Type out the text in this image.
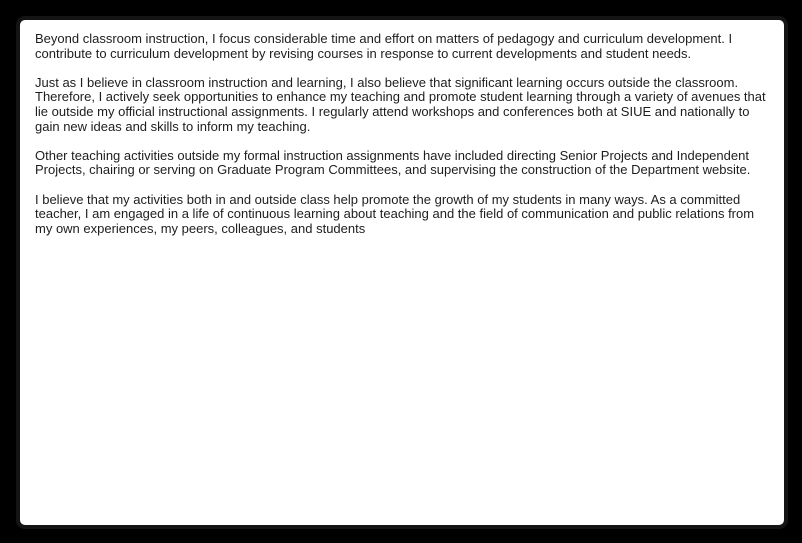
Beyond classroom instruction, I focus considerable time and effort on matters of pedagogy and curriculum development. I
contribute to curriculum development by revising courses in response to current developments and student needs.

Just as I believe in classroom instruction and learning, I also believe that significant learning occurs outside the classroom.
Therefore, I actively seek opportunities to enhance my teaching and promote student learning through a variety of avenues that
lie outside my official instructional assignments. I regularly attend workshops and conferences both at SIUE and nationally to
gain new ideas and skills to inform my teaching.

Other teaching activities outside my formal instruction assignments have included directing Senior Projects and Independent
Projects, chairing or serving on Graduate Program Committees, and supervising the construction of the Department website.

I believe that my activities both in and outside class help promote the growth of my students in many ways. As a committed
teacher, I am engaged in a life of continuous learning about teaching and the field of communication and public relations from
my own experiences, my peers, colleagues, and students
